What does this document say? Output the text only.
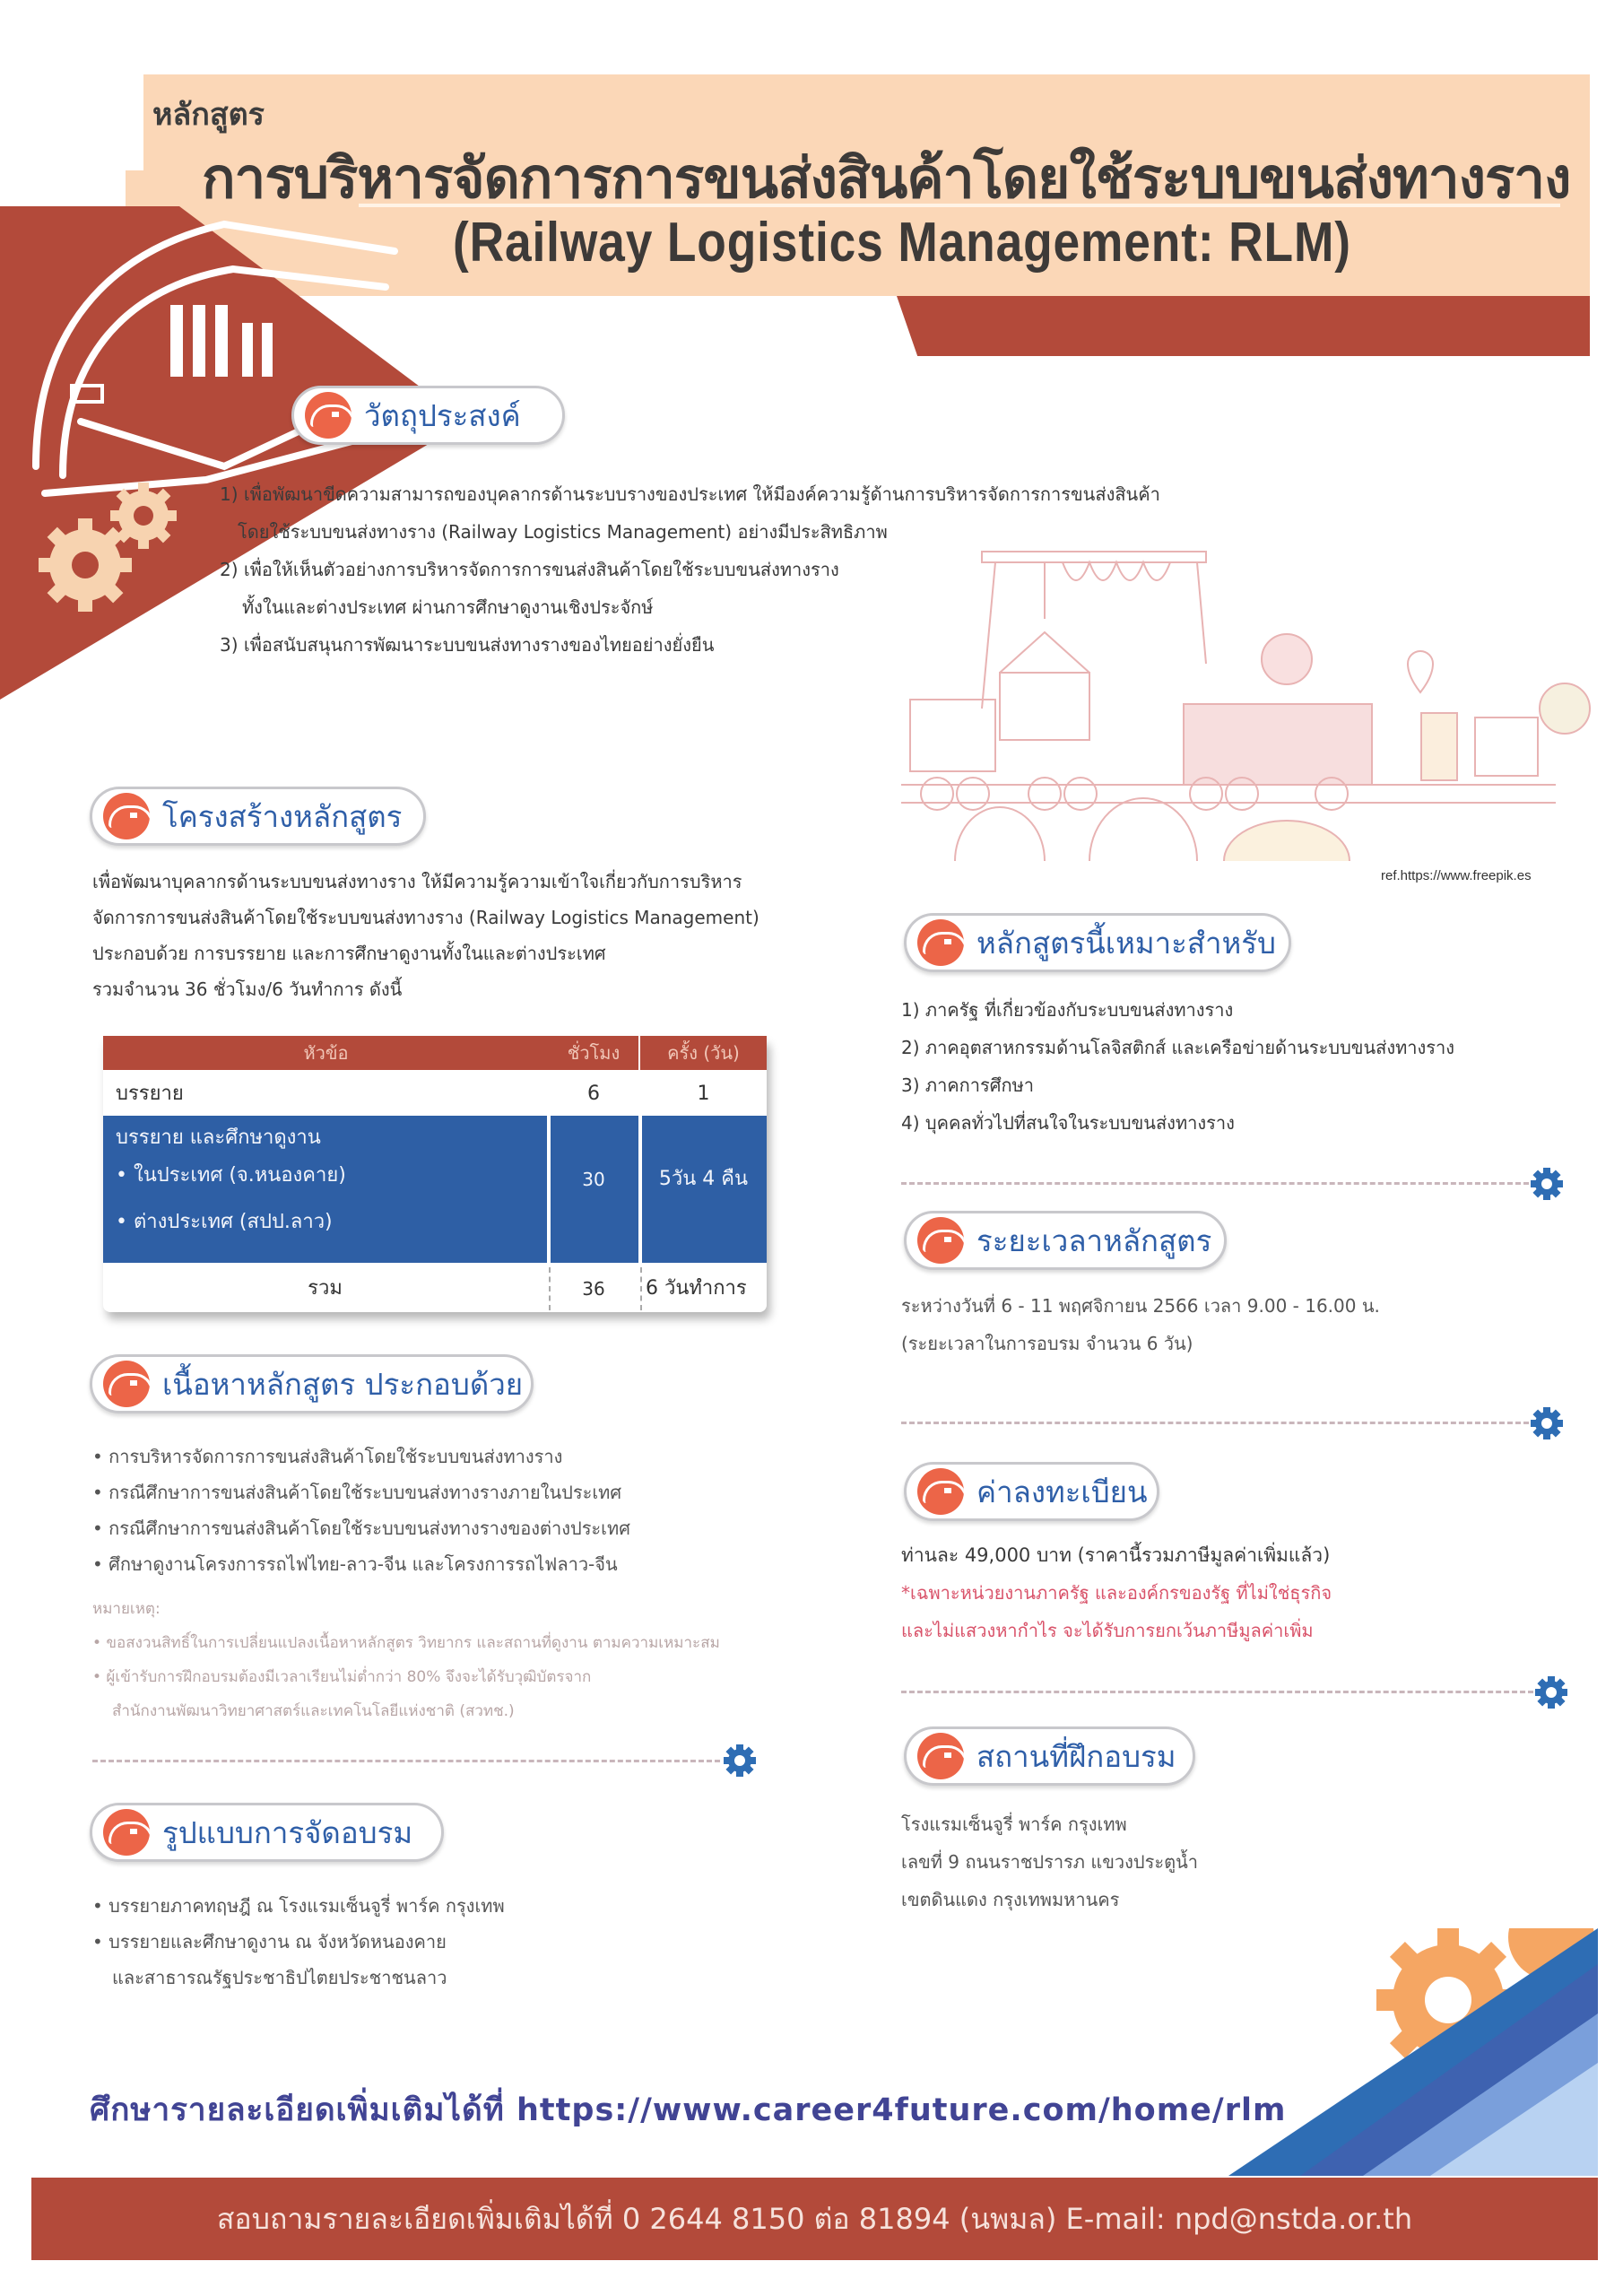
หลักสูตร
การบริหารจัดการการขนส่งสินค้าโดยใช้ระบบขนส่งทางราง
(Railway Logistics Management: RLM)
วัตถุประสงค์
1) เพื่อพัฒนาขีดความสามารถของบุคลากรด้านระบบรางของประเทศ ให้มีองค์ความรู้ด้านการบริหารจัดการการขนส่งสินค้า
โดยใช้ระบบขนส่งทางราง (Railway Logistics Management) อย่างมีประสิทธิภาพ
2) เพื่อให้เห็นตัวอย่างการบริหารจัดการการขนส่งสินค้าโดยใช้ระบบขนส่งทางราง
ทั้งในและต่างประเทศ ผ่านการศึกษาดูงานเชิงประจักษ์
3) เพื่อสนับสนุนการพัฒนาระบบขนส่งทางรางของไทยอย่างยั่งยืน
ref.https://www.freepik.es
โครงสร้างหลักสูตร
เพื่อพัฒนาบุคลากรด้านระบบขนส่งทางราง ให้มีความรู้ความเข้าใจเกี่ยวกับการบริหาร
จัดการการขนส่งสินค้าโดยใช้ระบบขนส่งทางราง (Railway Logistics Management)
ประกอบด้วย การบรรยาย และการศึกษาดูงานทั้งในและต่างประเทศ
รวมจำนวน 36 ชั่วโมง/6 วันทำการ ดังนี้
หัวข้อ	ชั่วโมง	ครั้ง (วัน)
บรรยาย	6	1
บรรยาย และศึกษาดูงาน
• ในประเทศ (จ.หนองคาย)
• ต่างประเทศ (สปป.ลาว)
30	5วัน 4 คืน
รวม	36	6 วันทำการ
เนื้อหาหลักสูตร ประกอบด้วย
• การบริหารจัดการการขนส่งสินค้าโดยใช้ระบบขนส่งทางราง
• กรณีศึกษาการขนส่งสินค้าโดยใช้ระบบขนส่งทางรางภายในประเทศ
• กรณีศึกษาการขนส่งสินค้าโดยใช้ระบบขนส่งทางรางของต่างประเทศ
• ศึกษาดูงานโครงการรถไฟไทย-ลาว-จีน และโครงการรถไฟลาว-จีน
หมายเหตุ:
• ขอสงวนสิทธิ์ในการเปลี่ยนแปลงเนื้อหาหลักสูตร วิทยากร และสถานที่ดูงาน ตามความเหมาะสม
• ผู้เข้ารับการฝึกอบรมต้องมีเวลาเรียนไม่ต่ำกว่า 80% จึงจะได้รับวุฒิบัตรจาก
สำนักงานพัฒนาวิทยาศาสตร์และเทคโนโลยีแห่งชาติ (สวทช.)
รูปแบบการจัดอบรม
• บรรยายภาคทฤษฎี ณ โรงแรมเซ็นจูรี่ พาร์ค กรุงเทพ
• บรรยายและศึกษาดูงาน ณ จังหวัดหนองคาย
และสาธารณรัฐประชาธิปไตยประชาชนลาว
หลักสูตรนี้เหมาะสำหรับ
1) ภาครัฐ ที่เกี่ยวข้องกับระบบขนส่งทางราง
2) ภาคอุตสาหกรรมด้านโลจิสติกส์ และเครือข่ายด้านระบบขนส่งทางราง
3) ภาคการศึกษา
4) บุคคลทั่วไปที่สนใจในระบบขนส่งทางราง
ระยะเวลาหลักสูตร
ระหว่างวันที่ 6 - 11 พฤศจิกายน 2566 เวลา 9.00 - 16.00 น.
(ระยะเวลาในการอบรม จำนวน 6 วัน)
ค่าลงทะเบียน
ท่านละ 49,000 บาท (ราคานี้รวมภาษีมูลค่าเพิ่มแล้ว)
*เฉพาะหน่วยงานภาครัฐ และองค์กรของรัฐ ที่ไม่ใช่ธุรกิจ
และไม่แสวงหากำไร จะได้รับการยกเว้นภาษีมูลค่าเพิ่ม
สถานที่ฝึกอบรม
โรงแรมเซ็นจูรี่ พาร์ค กรุงเทพ
เลขที่ 9 ถนนราชปรารภ แขวงประตูน้ำ
เขตดินแดง กรุงเทพมหานคร
ศึกษารายละเอียดเพิ่มเติมได้ที่ https://www.career4future.com/home/rlm
สอบถามรายละเอียดเพิ่มเติมได้ที่ 0 2644 8150 ต่อ 81894 (นพมล) E-mail: npd@nstda.or.th
